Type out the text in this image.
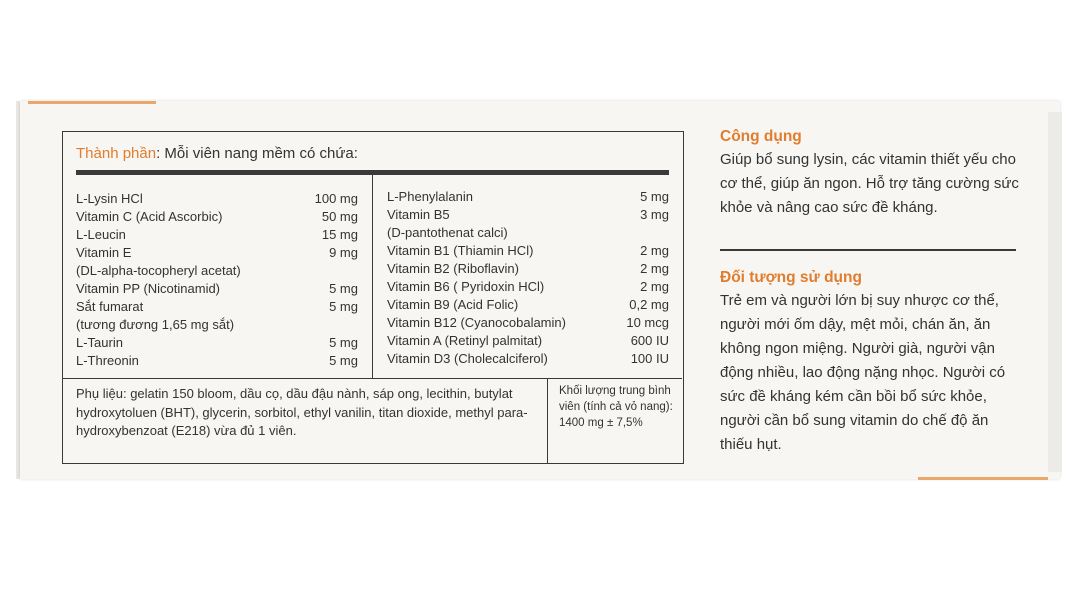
Thành phần: Mỗi viên nang mềm có chứa:
L-Lysin HCl	100 mg
Vitamin C (Acid Ascorbic)	50 mg
L-Leucin	15 mg
Vitamin E	9 mg
(DL-alpha-tocopheryl acetat)
Vitamin PP (Nicotinamid)	5 mg
Sắt fumarat	5 mg
(tương đương 1,65 mg sắt)
L-Taurin	5 mg
L-Threonin	5 mg
L-Phenylalanin	5 mg
Vitamin B5	3 mg
(D-pantothenat calci)
Vitamin B1 (Thiamin HCl)	2 mg
Vitamin B2 (Riboflavin)	2 mg
Vitamin B6 ( Pyridoxin HCl)	2 mg
Vitamin B9 (Acid Folic)	0,2 mg
Vitamin B12 (Cyanocobalamin)	10 mcg
Vitamin A (Retinyl palmitat)	600 IU
Vitamin D3 (Cholecalciferol)	100 IU
Phụ liệu: gelatin 150 bloom, dầu cọ, dầu đậu nành, sáp ong, lecithin, butylat hydroxytoluen (BHT), glycerin, sorbitol, ethyl vanilin, titan dioxide, methyl para-hydroxybenzoat (E218) vừa đủ 1 viên.
Khối lượng trung bình viên (tính cả vỏ nang):
1400 mg ± 7,5%
Công dụng

Giúp bổ sung lysin, các vitamin thiết yếu cho cơ thể, giúp ăn ngon. Hỗ trợ tăng cường sức khỏe và nâng cao sức đề kháng.

Đối tượng sử dụng

Trẻ em và người lớn bị suy nhược cơ thể, người mới ốm dậy, mệt mỏi, chán ăn, ăn không ngon miệng. Người già, người vận động nhiều, lao động nặng nhọc. Người có sức đề kháng kém cần bồi bổ sức khỏe, người cần bổ sung vitamin do chế độ ăn thiếu hụt.
